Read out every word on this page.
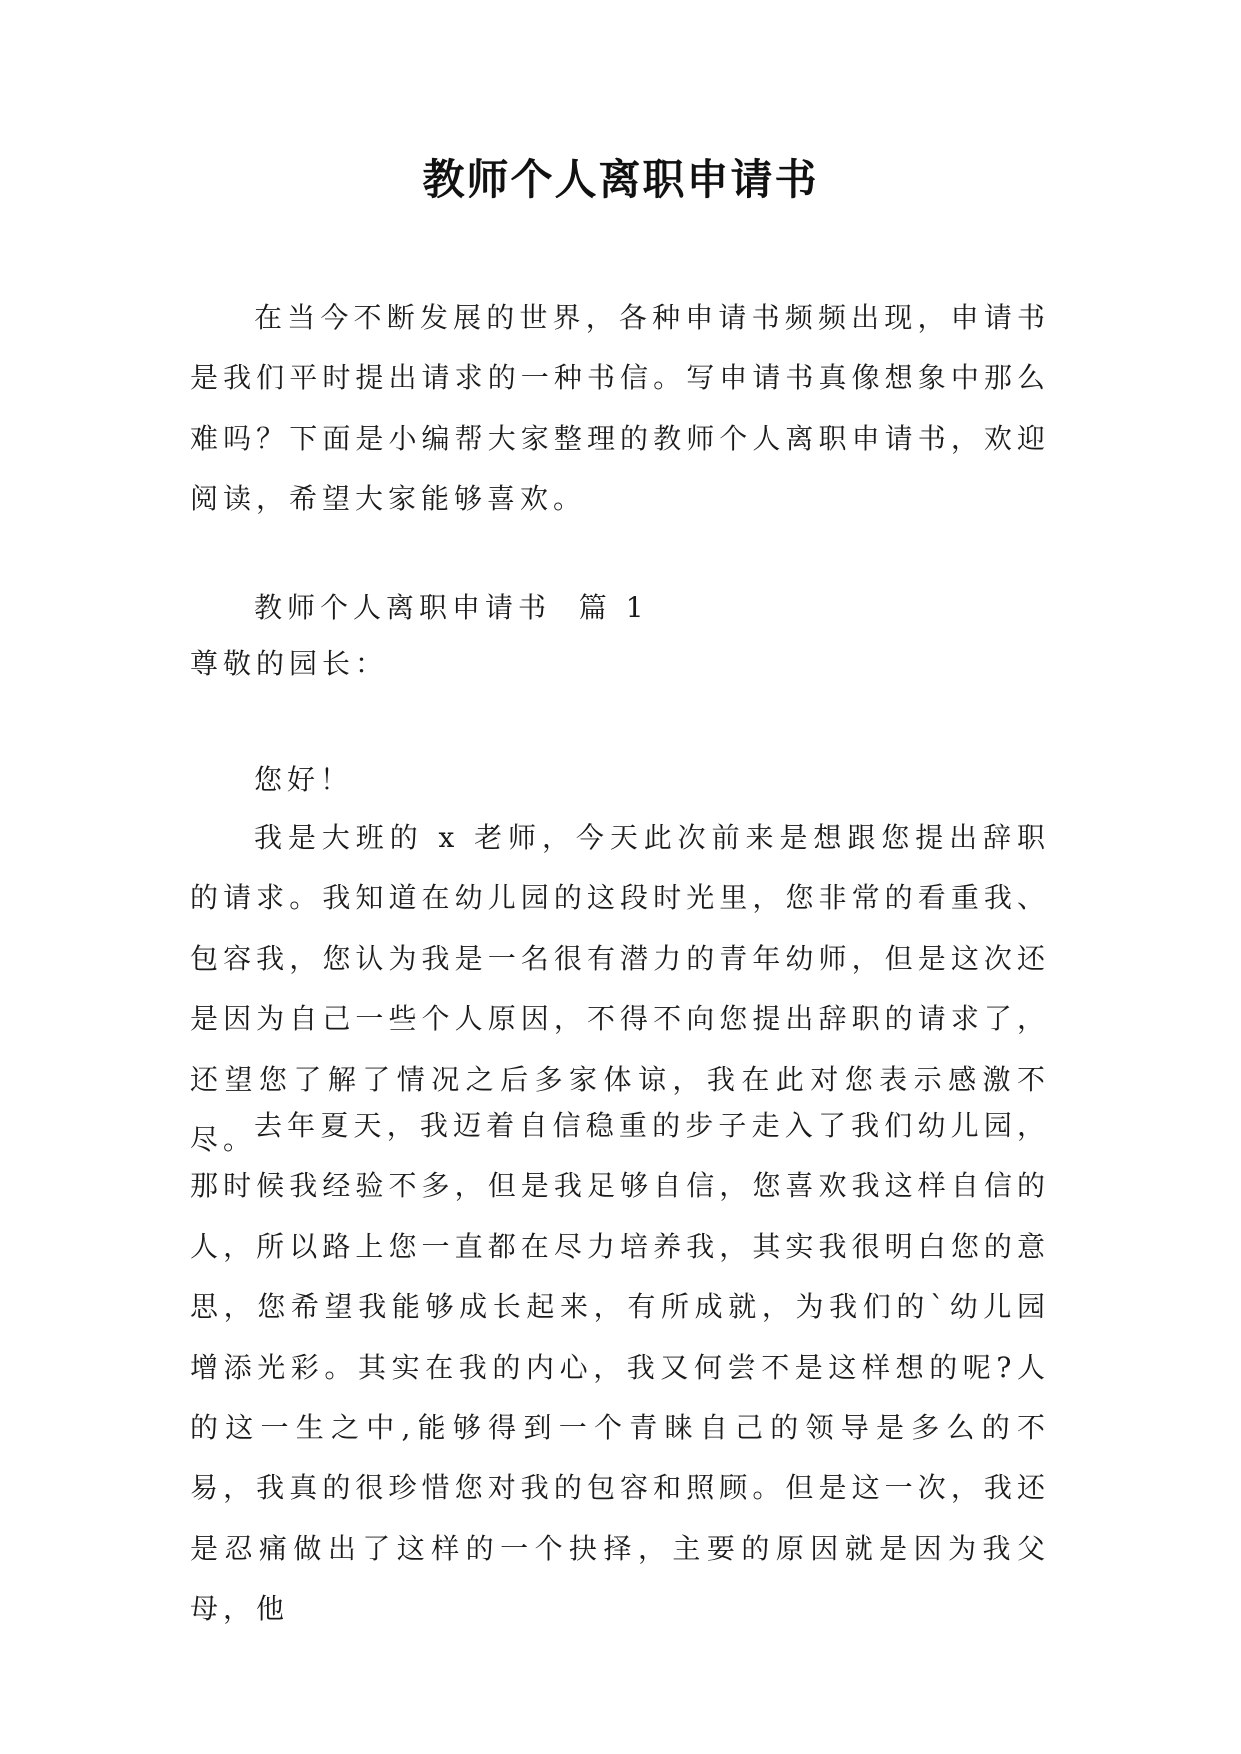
教师个人离职申请书

在当今不断发展的世界，各种申请书频频出现，申请书是我们平时提出请求的一种书信。写申请书真像想象中那么难吗？下面是小编帮大家整理的教师个人离职申请书，欢迎阅读，希望大家能够喜欢。

教师个人离职申请书  篇 1

尊敬的园长：

您好！

我是大班的 x 老师，今天此次前来是想跟您提出辞职的请求。我知道在幼儿园的这段时光里，您非常的看重我、包容我，您认为我是一名很有潜力的青年幼师，但是这次还是因为自己一些个人原因，不得不向您提出辞职的请求了，还望您了解了情况之后多家体谅，我在此对您表示感激不尽。

去年夏天，我迈着自信稳重的步子走入了我们幼儿园，那时候我经验不多，但是我足够自信，您喜欢我这样自信的人，所以路上您一直都在尽力培养我，其实我很明白您的意思，您希望我能够成长起来，有所成就，为我们的`幼儿园增添光彩。其实在我的内心，我又何尝不是这样想的呢?人的这一生之中,能够得到一个青睐自己的领导是多么的不易，我真的很珍惜您对我的包容和照顾。但是这一次，我还是忍痛做出了这样的一个抉择，主要的原因就是因为我父母，他
